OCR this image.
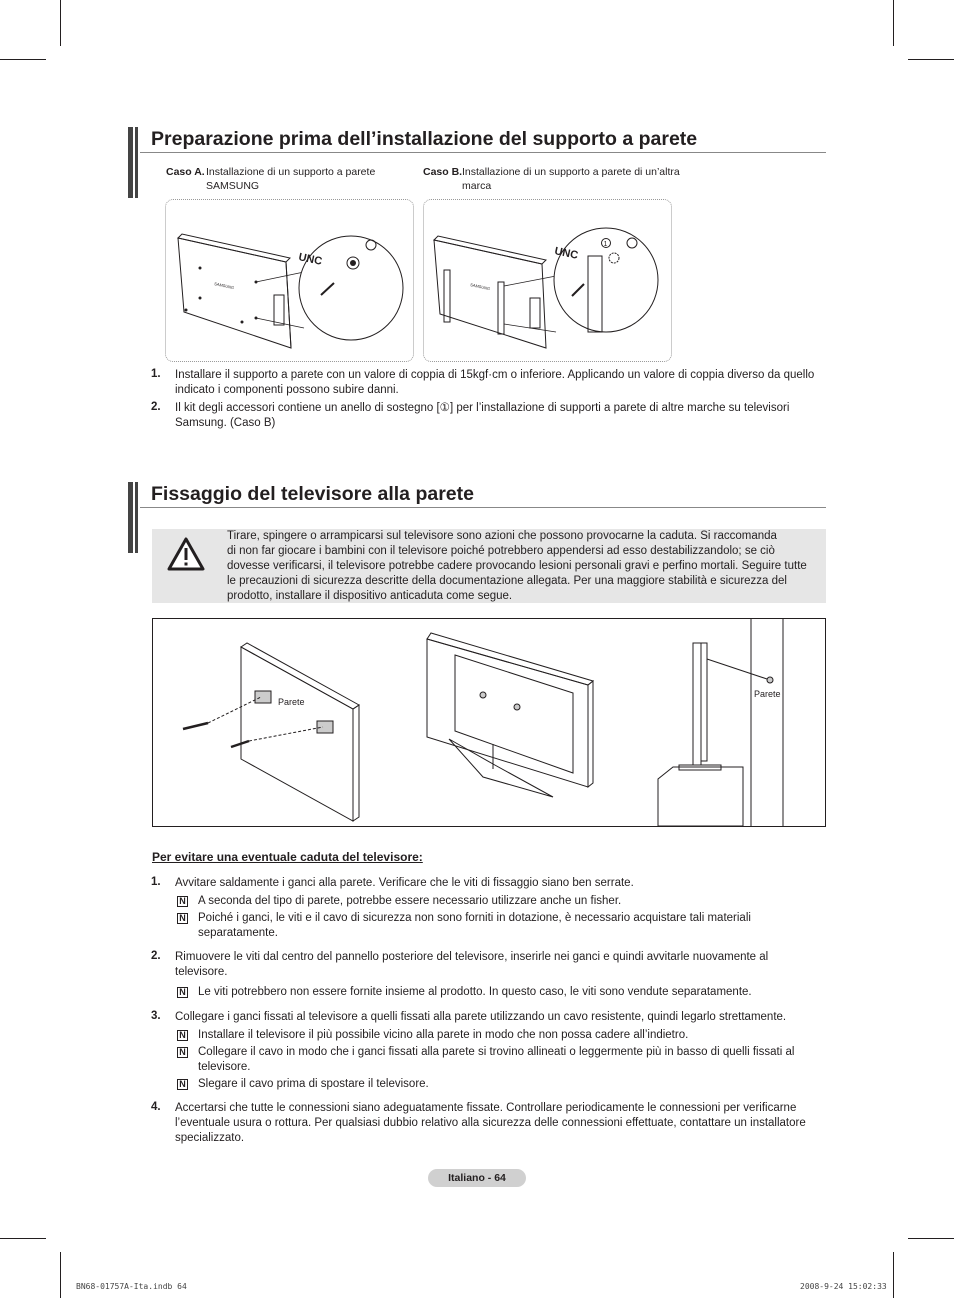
Preparazione prima dell’installazione del supporto a parete
Caso A. Installazione di un supporto a parete
SAMSUNG
Caso B. Installazione di un supporto a parete di un’altra
marca
SAMSUNG
UNC
SAMSUNG
UNC
1
1. Installare il supporto a parete con un valore di coppia di 15kgf·cm o inferiore. Applicando un valore di coppia diverso da quello
indicato i componenti possono subire danni.
2. Il kit degli accessori contiene un anello di sostegno [①] per l’installazione di supporti a parete di altre marche su televisori
Samsung. (Caso B)
Fissaggio del televisore alla parete
Tirare, spingere o arrampicarsi sul televisore sono azioni che possono provocarne la caduta. Si raccomanda
di non far giocare i bambini con il televisore poiché potrebbero appendersi ad esso destabilizzandolo; se ciò
dovesse verificarsi, il televisore potrebbe cadere provocando lesioni personali gravi e perfino mortali. Seguire tutte
le precauzioni di sicurezza descritte della documentazione allegata. Per una maggiore stabilità e sicurezza del
prodotto, installare il dispositivo anticaduta come segue.
Parete
Parete
Per evitare una eventuale caduta del televisore:
1. Avvitare saldamente i ganci alla parete. Verificare che le viti di fissaggio siano ben serrate.
N A seconda del tipo di parete, potrebbe essere necessario utilizzare anche un fisher.
N Poiché i ganci, le viti e il cavo di sicurezza non sono forniti in dotazione, è necessario acquistare tali materiali
separatamente.
2. Rimuovere le viti dal centro del pannello posteriore del televisore, inserirle nei ganci e quindi avvitarle nuovamente al
televisore.
N Le viti potrebbero non essere fornite insieme al prodotto. In questo caso, le viti sono vendute separatamente.
3. Collegare i ganci fissati al televisore a quelli fissati alla parete utilizzando un cavo resistente, quindi legarlo strettamente.
N Installare il televisore il più possibile vicino alla parete in modo che non possa cadere all’indietro.
N Collegare il cavo in modo che i ganci fissati alla parete si trovino allineati o leggermente più in basso di quelli fissati al
televisore.
N Slegare il cavo prima di spostare il televisore.
4. Accertarsi che tutte le connessioni siano adeguatamente fissate. Controllare periodicamente le connessioni per verificarne
l’eventuale usura o rottura. Per qualsiasi dubbio relativo alla sicurezza delle connessioni effettuate, contattare un installatore
specializzato.
Italiano - 64
BN68-01757A-Ita.indb 64	2008-9-24 15:02:33
